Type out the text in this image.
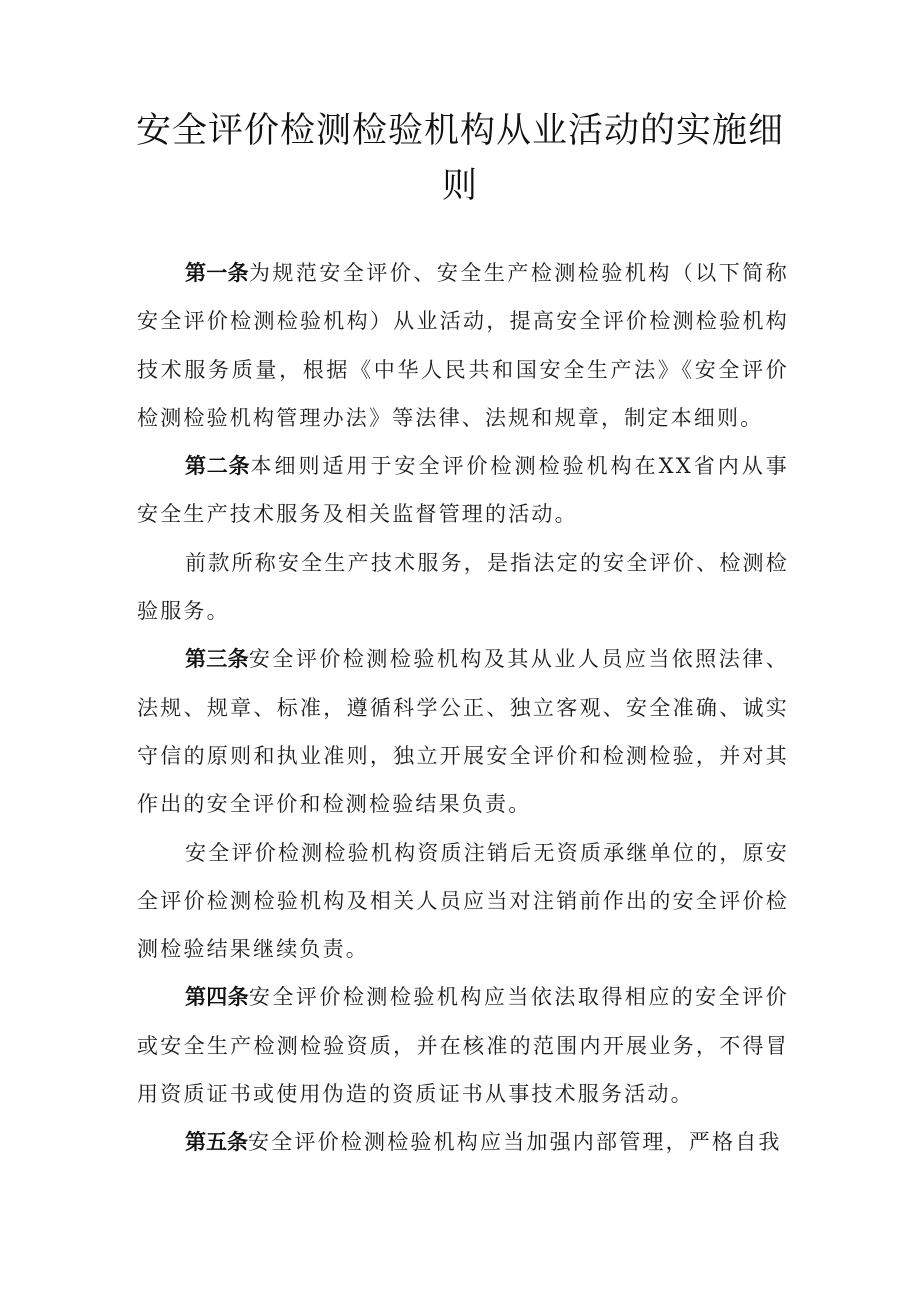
安全评价检测检验机构从业活动的实施细则

第一条为规范安全评价、安全生产检测检验机构（以下简称安全评价检测检验机构）从业活动，提高安全评价检测检验机构技术服务质量，根据《中华人民共和国安全生产法》《安全评价检测检验机构管理办法》等法律、法规和规章，制定本细则。

第二条本细则适用于安全评价检测检验机构在XX省内从事安全生产技术服务及相关监督管理的活动。

前款所称安全生产技术服务，是指法定的安全评价、检测检验服务。

第三条安全评价检测检验机构及其从业人员应当依照法律、法规、规章、标准，遵循科学公正、独立客观、安全准确、诚实守信的原则和执业准则，独立开展安全评价和检测检验，并对其作出的安全评价和检测检验结果负责。

安全评价检测检验机构资质注销后无资质承继单位的，原安全评价检测检验机构及相关人员应当对注销前作出的安全评价检测检验结果继续负责。

第四条安全评价检测检验机构应当依法取得相应的安全评价或安全生产检测检验资质，并在核准的范围内开展业务，不得冒用资质证书或使用伪造的资质证书从事技术服务活动。

第五条安全评价检测检验机构应当加强内部管理，严格自我
